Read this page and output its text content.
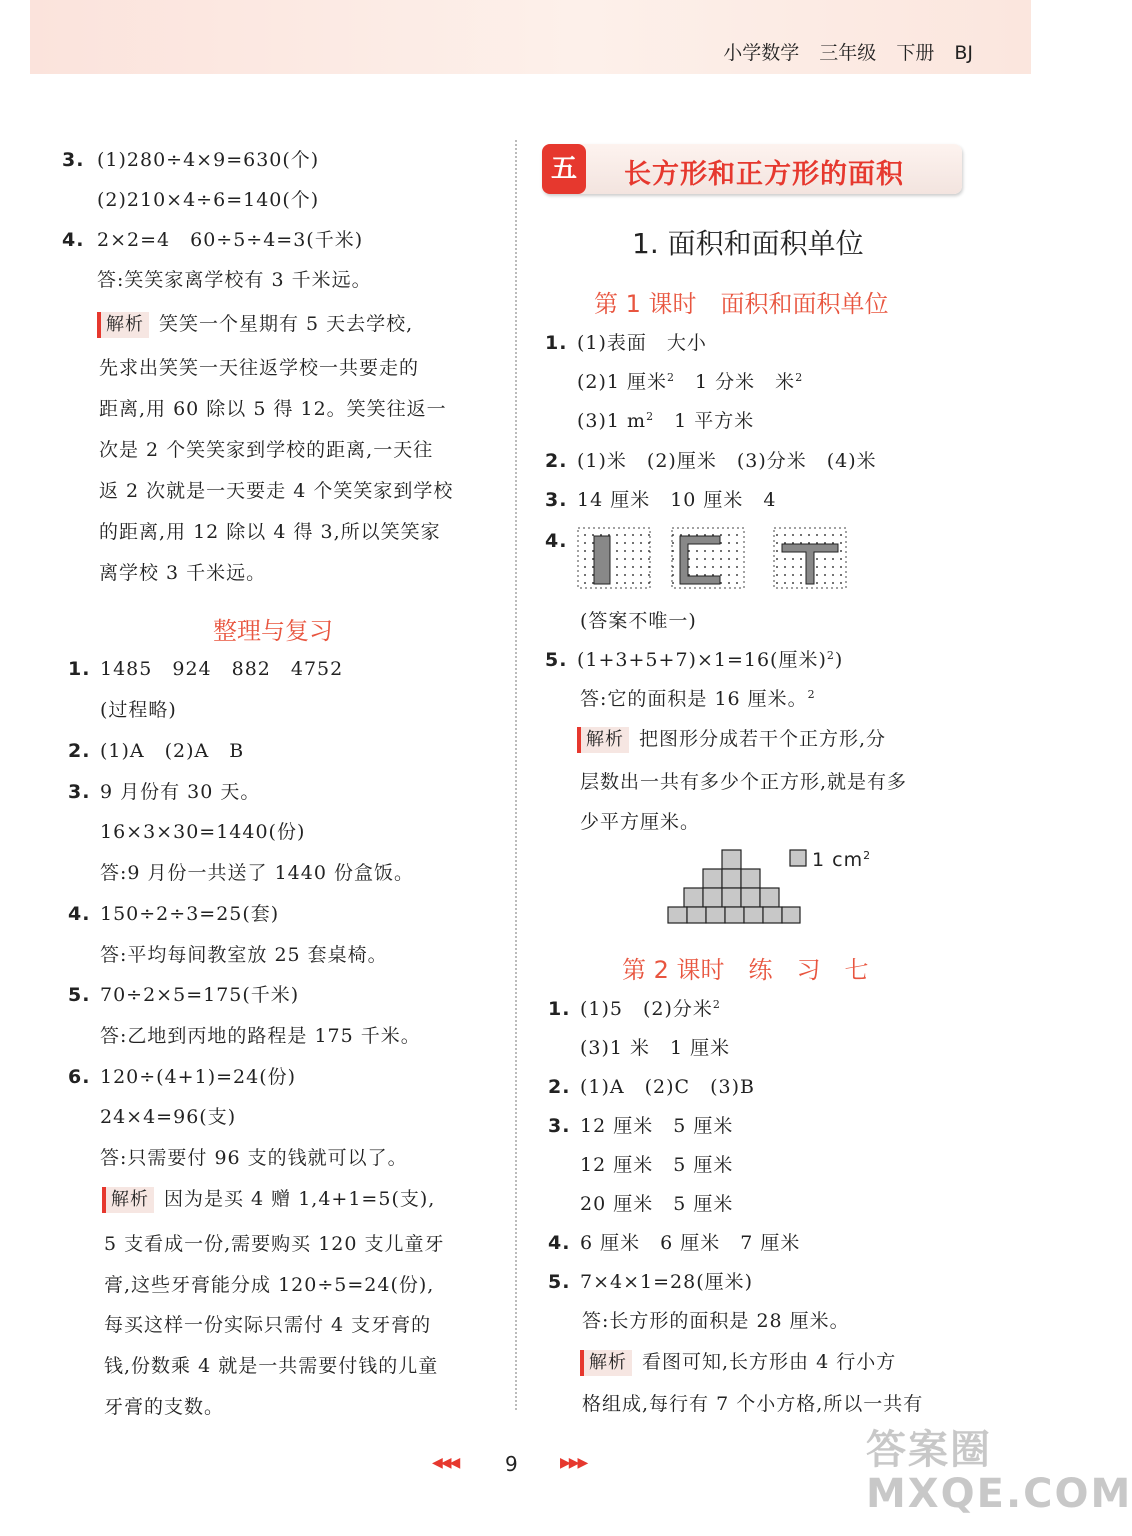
小学数学 三年级 下册 BJ
3. (1)280÷4×9=630(个)
(2)210×4÷6=140(个)
4. 2×2=4　60÷5÷4=3(千米)
答:笑笑家离学校有 3 千米远。
解析 笑笑一个星期有 5 天去学校,
先求出笑笑一天往返学校一共要走的
距离,用 60 除以 5 得 12。笑笑往返一
次是 2 个笑笑家到学校的距离,一天往
返 2 次就是一天要走 4 个笑笑家到学校
的距离,用 12 除以 4 得 3,所以笑笑家
离学校 3 千米远。
整理与复习
1. 1485　924　882　4752
(过程略)
2. (1)A　(2)A　B
3. 9 月份有 30 天。
16×3×30=1440(份)
答:9 月份一共送了 1440 份盒饭。
4. 150÷2÷3=25(套)
答:平均每间教室放 25 套桌椅。
5. 70÷2×5=175(千米)
答:乙地到丙地的路程是 175 千米。
6. 120÷(4+1)=24(份)
24×4=96(支)
答:只需要付 96 支的钱就可以了。
解析 因为是买 4 赠 1,4+1=5(支),
5 支看成一份,需要购买 120 支儿童牙
膏,这些牙膏能分成 120÷5=24(份),
每买这样一份实际只需付 4 支牙膏的
钱,份数乘 4 就是一共需要付钱的儿童
牙膏的支数。
五	长方形和正方形的面积
1. 面积和面积单位
第 1 课时　面积和面积单位
1. (1)表面　大小
(2)1 厘米$^2$　1 分米　米$^2$
(3)1 $m^2$　1 平方米
2. (1)米　(2)厘米　(3)分米　(4)米
3. 14 厘米　10 厘米　4
4.
(答案不唯一)
5. (1+3+5+7)×1=16(厘米)$^2$)
答:它的面积是 16 厘米。$^2$
解析 把图形分成若干个正方形,分
层数出一共有多少个正方形,就是有多
少平方厘米。
1 $cm^2$
第 2 课时　练　习　七
1. (1)5　(2)分米$^2$
(3)1 米　1 厘米
2. (1)A　(2)C　(3)B
3. 12 厘米　5 厘米
12 厘米　5 厘米
20 厘米　5 厘米
4. 6 厘米　6 厘米　7 厘米
5. 7×4×1=28(厘米)
答:长方形的面积是 28 厘米。
解析 看图可知,长方形由 4 行小方
格组成,每行有 7 个小方格,所以一共有
◀◀◀ 9	▶▶▶	答案圈 MXQE.COM
